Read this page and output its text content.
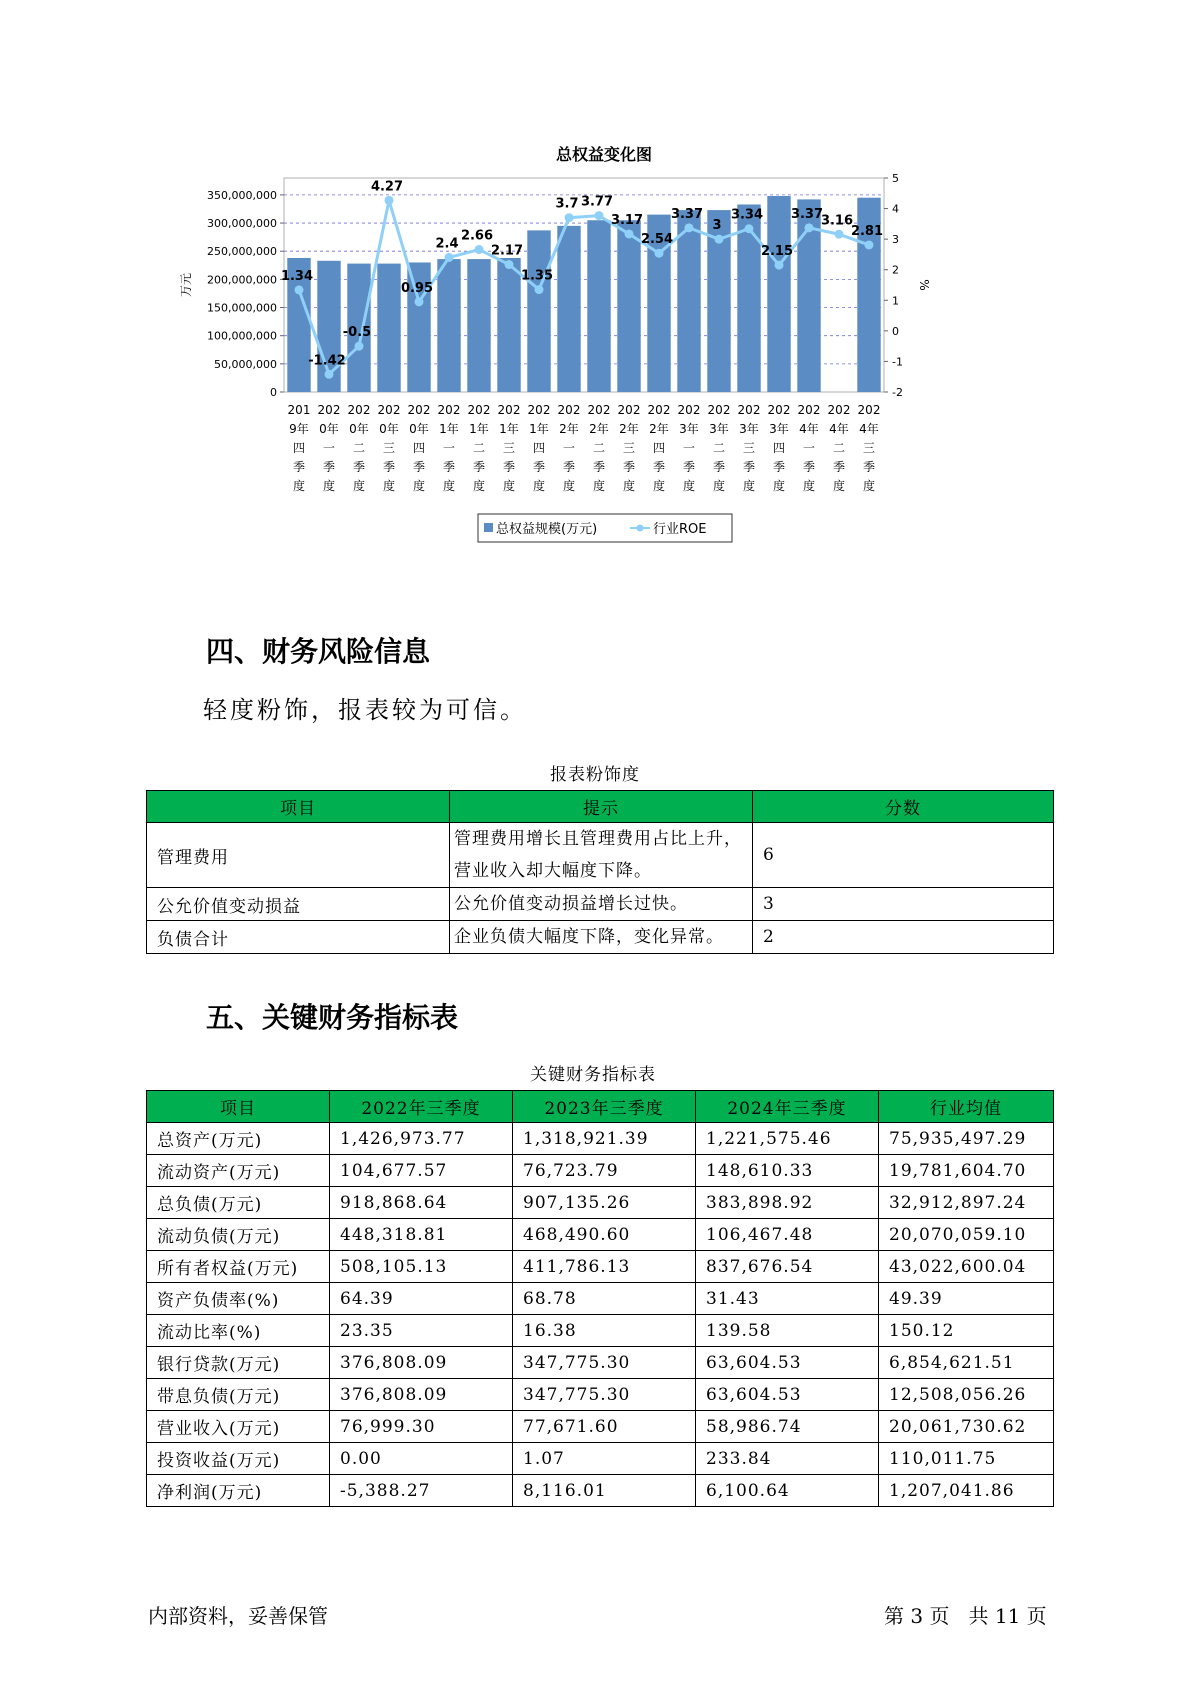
总权益变化图
0
50,000,000
100,000,000
150,000,000
200,000,000
250,000,000
300,000,000
350,000,000
-2
-1
0
1
2
3
4
5
万元	%
201
9年
四
季
度
202
0年
一
季
度
202
0年
二
季
度
202
0年
三
季
度
202
0年
四
季
度
202
1年
一
季
度
202
1年
二
季
度
202
1年
三
季
度
202
1年
四
季
度
202
2年
一
季
度
202
2年
二
季
度
202
2年
三
季
度
202
2年
四
季
度
202
3年
一
季
度
202
3年
二
季
度
202
3年
三
季
度
202
3年
四
季
度
202
4年
一
季
度
202
4年
二
季
度
202
4年
三
季
度
1.34
-1.42
-0.5
4.27
0.95
2.4
2.66
2.17
1.35
3.7 3.77
3.17
2.54
3.37
3
3.34
2.15
3.37
3.16
2.81
总权益规模(万元)	行业ROE
四、财务风险信息
轻度粉饰，报表较为可信。
报表粉饰度
项目	提示	分数
管理费用	管理费用增长且管理费用占比上升，营业收入却大幅度下降。	6
公允价值变动损益	公允价值变动损益增长过快。	3
负债合计	企业负债大幅度下降，变化异常。	2
五、关键财务指标表
关键财务指标表
项目	2022年三季度	2023年三季度	2024年三季度	行业均值
总资产(万元)	1,426,973.77	1,318,921.39	1,221,575.46	75,935,497.29
流动资产(万元)	104,677.57	76,723.79	148,610.33	19,781,604.70
总负债(万元)	918,868.64	907,135.26	383,898.92	32,912,897.24
流动负债(万元)	448,318.81	468,490.60	106,467.48	20,070,059.10
所有者权益(万元)	508,105.13	411,786.13	837,676.54	43,022,600.04
资产负债率(%)	64.39	68.78	31.43	49.39
流动比率(%)	23.35	16.38	139.58	150.12
银行贷款(万元)	376,808.09	347,775.30	63,604.53	6,854,621.51
带息负债(万元)	376,808.09	347,775.30	63,604.53	12,508,056.26
营业收入(万元)	76,999.30	77,671.60	58,986.74	20,061,730.62
投资收益(万元)	0.00	1.07	233.84	110,011.75
净利润(万元)	-5,388.27	8,116.01	6,100.64	1,207,041.86
内部资料，妥善保管	第 3 页   共 11 页
